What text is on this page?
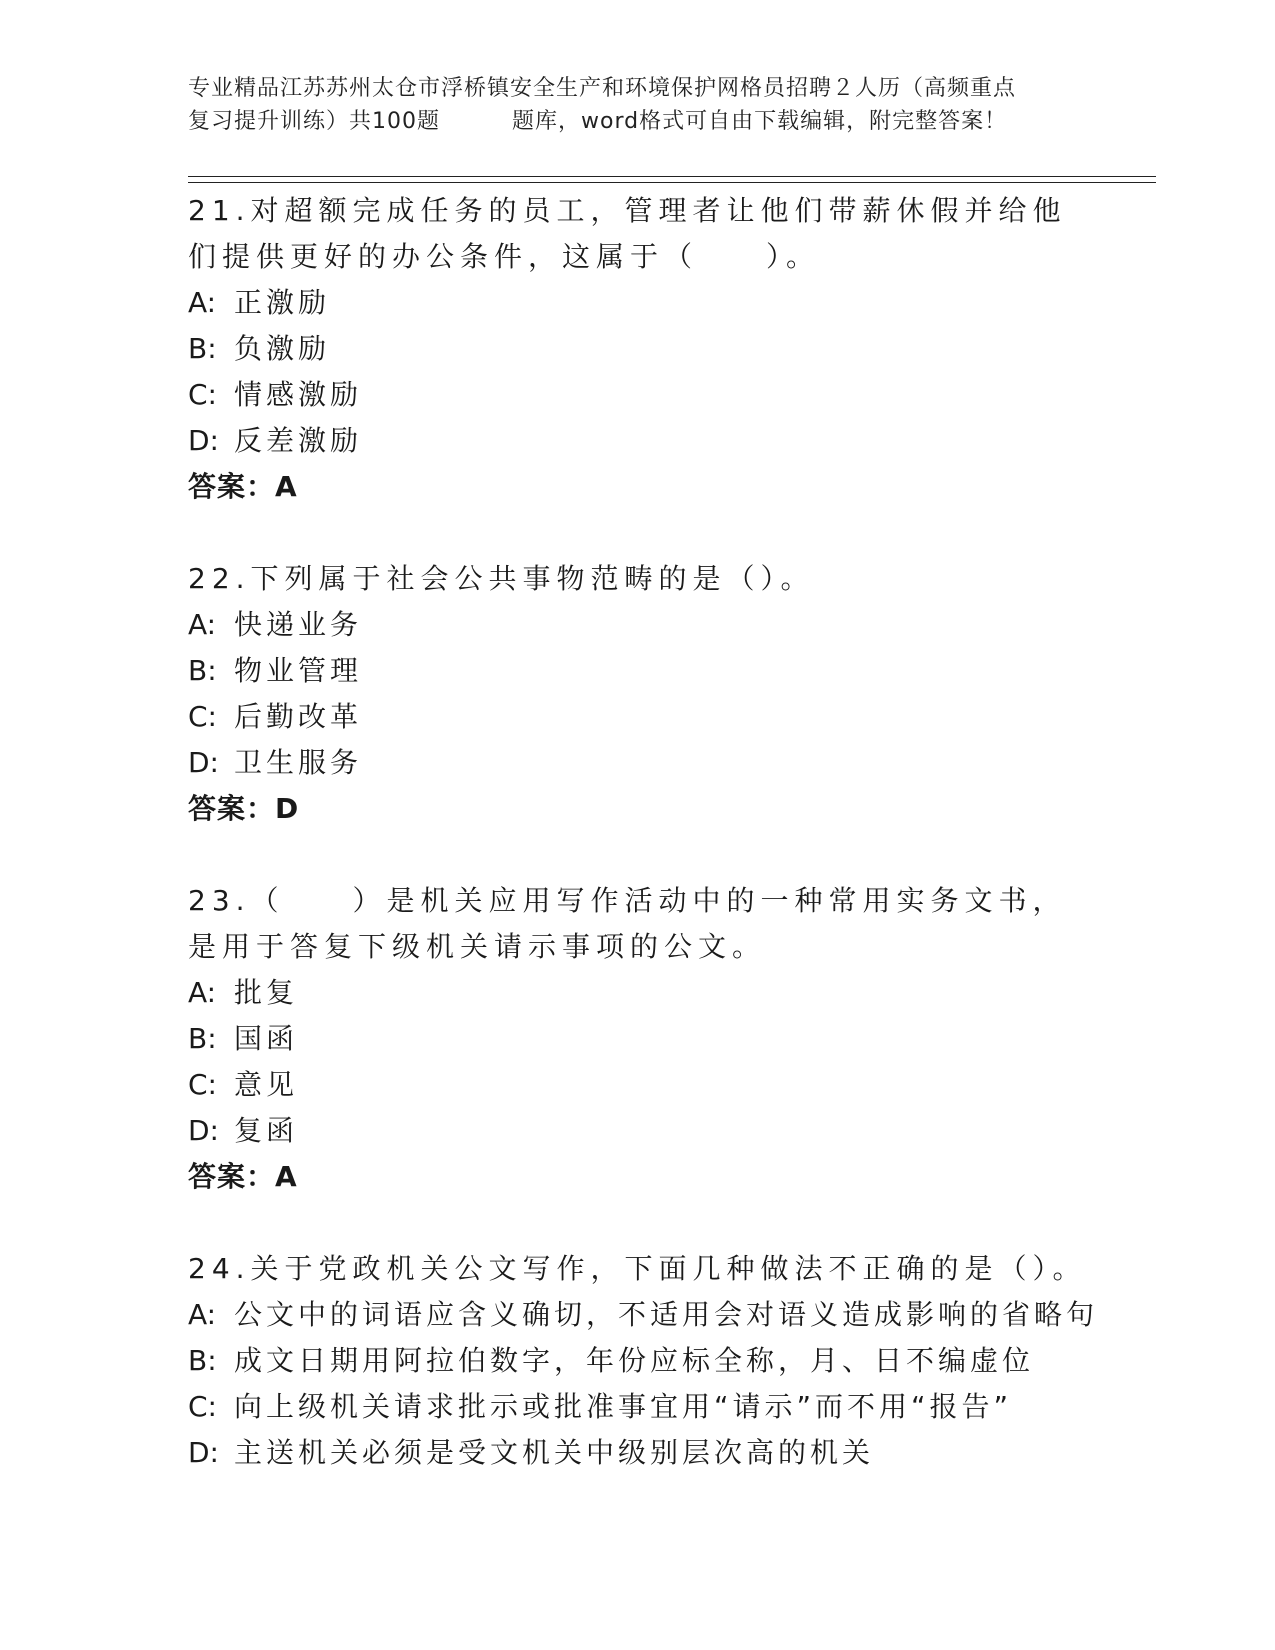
专业精品江苏苏州太仓市浮桥镇安全生产和环境保护网格员招聘２人历（高频重点
复习提升训练）共100题	题库，word格式可自由下载编辑，附完整答案！

21.对超额完成任务的员工，管理者让他们带薪休假并给他们提供更好的办公条件，这属于（　　）。

A: 正激励
B: 负激励
C: 情感激励
D: 反差激励
答案：A

22.下列属于社会公共事物范畴的是（）。

A: 快递业务
B: 物业管理
C: 后勤改革
D: 卫生服务
答案：D

23.（　　）是机关应用写作活动中的一种常用实务文书，是用于答复下级机关请示事项的公文。

A: 批复
B: 国函
C: 意见
D: 复函
答案：A

24.关于党政机关公文写作，下面几种做法不正确的是（）。

A: 公文中的词语应含义确切，不适用会对语义造成影响的省略句
B: 成文日期用阿拉伯数字，年份应标全称，月、日不编虚位
C: 向上级机关请求批示或批准事宜用“请示”而不用“报告”
D: 主送机关必须是受文机关中级别层次高的机关
